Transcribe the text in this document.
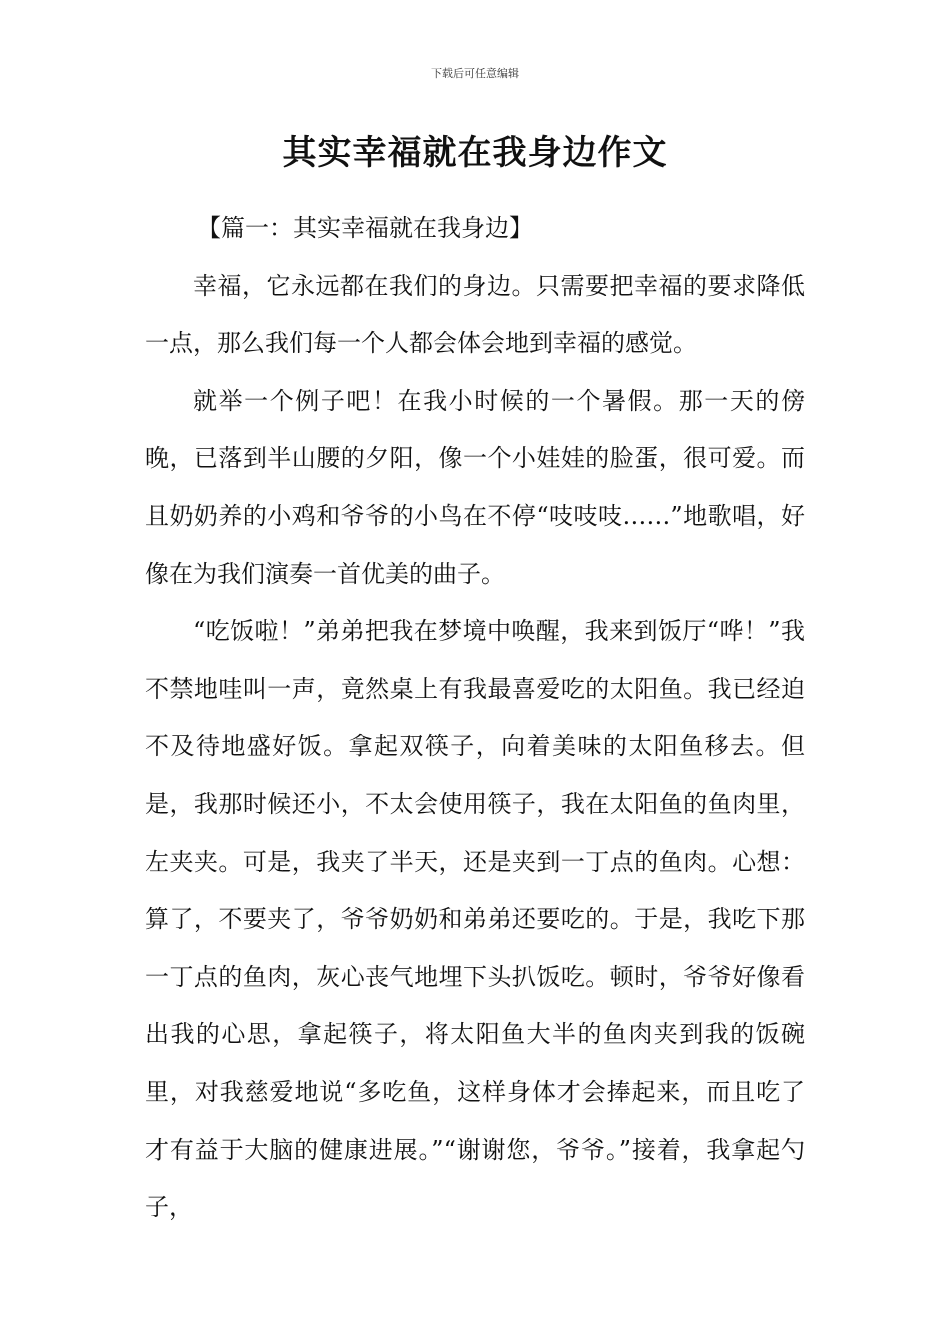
下载后可任意编辑
其实幸福就在我身边作文

【篇一：其实幸福就在我身边】

幸福，它永远都在我们的身边。只需要把幸福的要求降低一点，那么我们每一个人都会体会地到幸福的感觉。

就举一个例子吧！在我小时候的一个暑假。那一天的傍晚，已落到半山腰的夕阳，像一个小娃娃的脸蛋，很可爱。而且奶奶养的小鸡和爷爷的小鸟在不停“吱吱吱……”地歌唱，好像在为我们演奏一首优美的曲子。

“吃饭啦！”弟弟把我在梦境中唤醒，我来到饭厅“哗！”我不禁地哇叫一声，竟然桌上有我最喜爱吃的太阳鱼。我已经迫不及待地盛好饭。拿起双筷子，向着美味的太阳鱼移去。但是，我那时候还小，不太会使用筷子，我在太阳鱼的鱼肉里，左夹夹。可是，我夹了半天，还是夹到一丁点的鱼肉。心想：算了，不要夹了，爷爷奶奶和弟弟还要吃的。于是，我吃下那一丁点的鱼肉，灰心丧气地埋下头扒饭吃。顿时，爷爷好像看出我的心思，拿起筷子，将太阳鱼大半的鱼肉夹到我的饭碗里，对我慈爱地说“多吃鱼，这样身体才会捧起来，而且吃了才有益于大脑的健康进展。”“谢谢您，爷爷。”接着，我拿起勺子，
